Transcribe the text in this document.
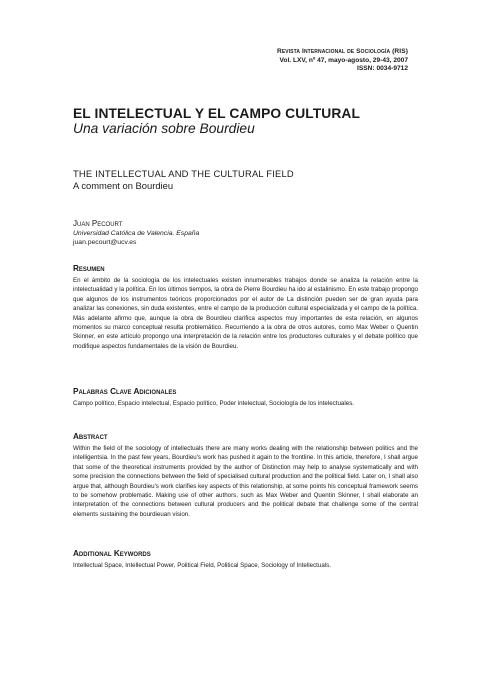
Revista Internacional de Sociología (RIS)
Vol. LXV, nº 47, mayo-agosto, 29-43, 2007
ISSN: 0034-9712
EL INTELECTUAL Y EL CAMPO CULTURAL
Una variación sobre Bourdieu
THE INTELLECTUAL AND THE CULTURAL FIELD
A comment on Bourdieu
Juan Pecourt
Universidad Católica de Valencia. España
juan.pecourt@ucv.es
Resumen
En el ámbito de la sociología de los intelectuales existen innumerables trabajos donde se analiza la relación entre la intelectualidad y la política. En los últimos tiempos, la obra de Pierre Bourdieu ha ido al estalinismo. En este trabajo propongo que algunos de los instrumentos teóricos proporcionados por el autor de La distinción pueden ser de gran ayuda para analizar las conexiones, sin duda existentes, entre el campo de la producción cultural especializada y el campo de la política. Más adelante afirmo que, aunque la obra de Bourdieu clarifica aspectos muy importantes de esta relación, en algunos momentos su marco conceptual resulta problemático. Recurriendo a la obra de otros autores, como Max Weber o Quentin Skinner, en este artículo propongo una interpretación de la relación entre los productores culturales y el debate político que modifique aspectos fundamentales de la visión de Bourdieu.
Palabras Clave Adicionales
Campo político, Espacio intelectual, Espacio político, Poder intelectual, Sociología de los intelectuales.
Abstract
Within the field of the sociology of intellectuals there are many works dealing with the relationship between politics and the intelligentsia. In the past few years, Bourdieu's work has pushed it again to the frontline. In this article, therefore, I shall argue that some of the theoretical instruments provided by the author of Distinction may help to analyse systematically and with some precision the connections between the field of specialised cultural production and the political field. Later on, I shall also argue that, although Bourdieu's work clarifies key aspects of this relationship, at some points his conceptual framework seems to be somehow problematic. Making use of other authors, such as Max Weber and Quentin Skinner, I shall elaborate an interpretation of the connections between cultural producers and the political debate that challenge some of the central elements sustaining the bourdieuan vision.
Additional Keywords
Intellectual Space, Intellectual Power, Political Field, Political Space, Sociology of Intellectuals.
